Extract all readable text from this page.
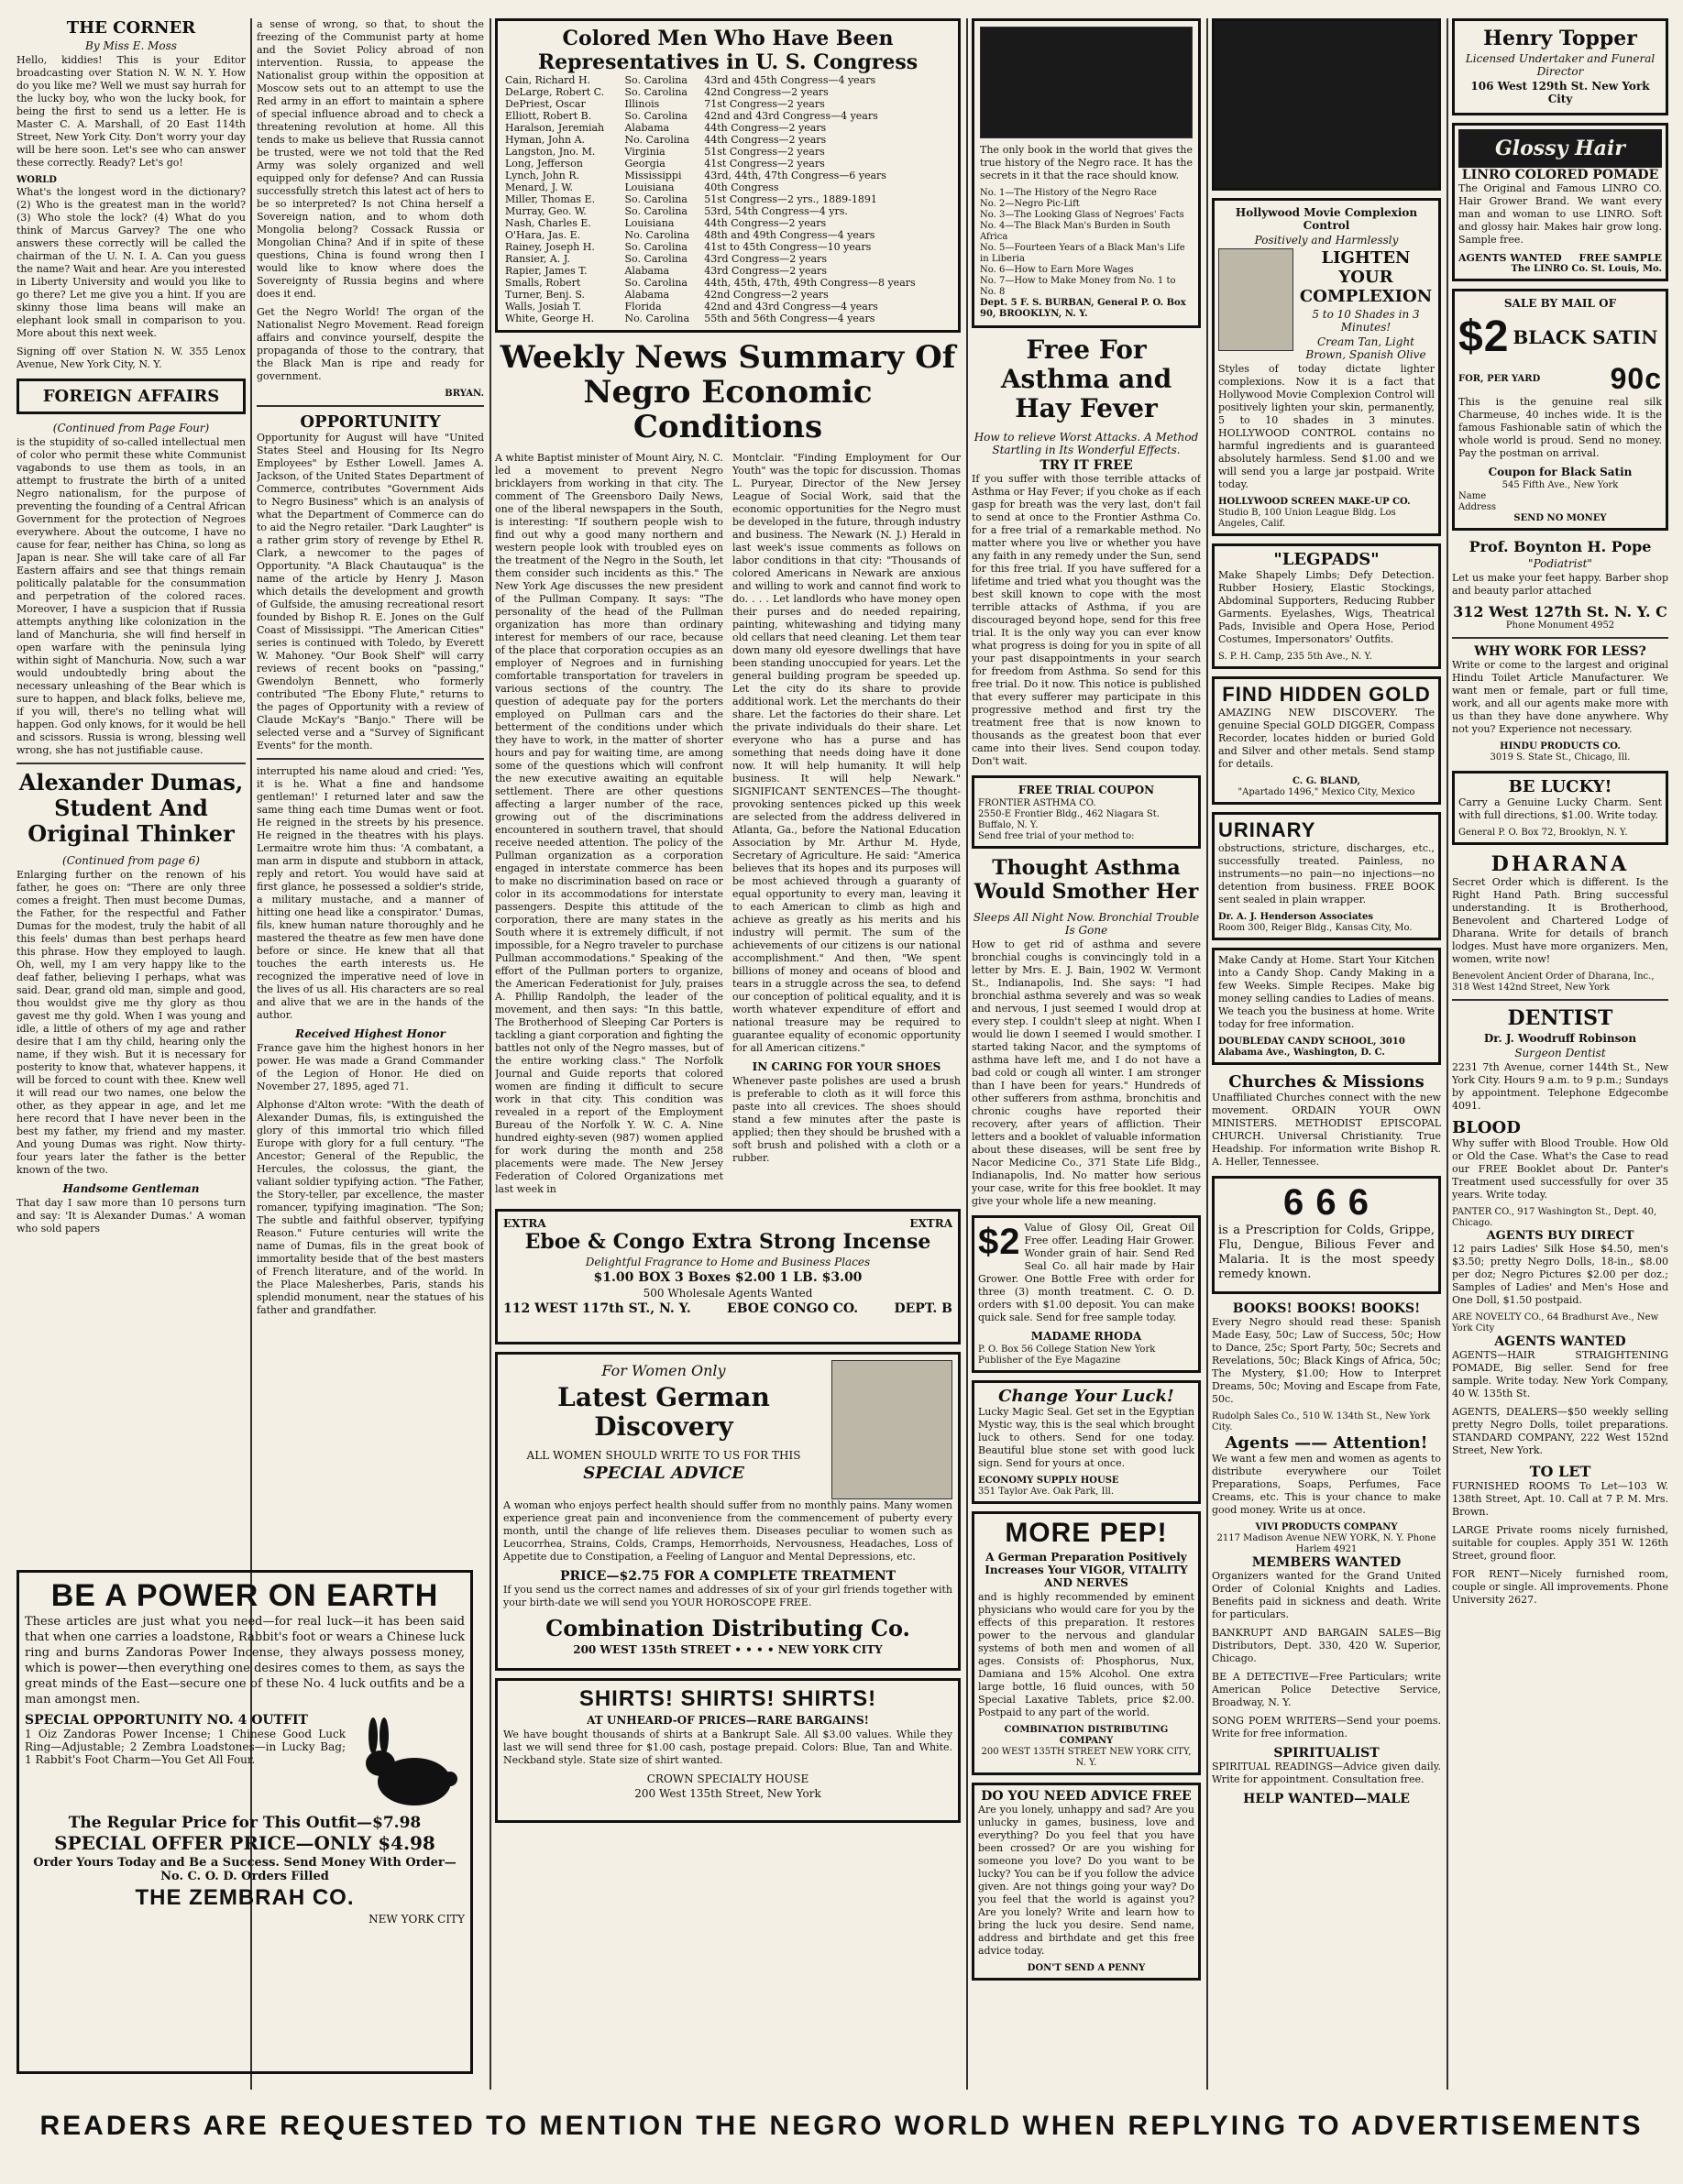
THE CORNER
By Miss E. Moss

Hello, kiddies! This is your Editor broadcasting over Station N. W. N. Y. How do you like me? Well we must say hurrah for the lucky boy, who won the lucky book, for being the first to send us a letter. He is Master C. A. Marshall, of 20 East 114th Street, New York City. Don't worry your day will be here soon. Let's see who can answer these correctly. Ready? Let's go!

WORLD

What's the longest word in the dictionary? (2) Who is the greatest man in the world? (3) Who stole the lock? (4) What do you think of Marcus Garvey? The one who answers these correctly will be called the chairman of the U. N. I. A. Can you guess the name? Wait and hear. Are you interested in Liberty University and would you like to go there? Let me give you a hint. If you are skinny those lima beans will make an elephant look small in comparison to you. More about this next week.

Signing off over Station N. W. 355 Lenox Avenue, New York City, N. Y.

FOREIGN AFFAIRS
(Continued from Page Four)

is the stupidity of so-called intellectual men of color who permit these white Communist vagabonds to use them as tools, in an attempt to frustrate the birth of a united Negro nationalism, for the purpose of preventing the founding of a Central African Government for the protection of Negroes everywhere. About the outcome, I have no cause for fear, neither has China, so long as Japan is near. She will take care of all Far Eastern affairs and see that things remain politically palatable for the consummation and perpetration of the colored races. Moreover, I have a suspicion that if Russia attempts anything like colonization in the land of Manchuria, she will find herself in open warfare with the peninsula lying within sight of Manchuria. Now, such a war would undoubtedly bring about the necessary unleashing of the Bear which is sure to happen, and black folks, believe me, if you will, there's no telling what will happen. God only knows, for it would be hell and scissors. Russia is wrong, blessing well wrong, she has not justifiable cause.

Alexander Dumas, Student And Original Thinker
(Continued from page 6)

Enlarging further on the renown of his father, he goes on: "There are only three comes a freight. Then must become Dumas, the Father, for the respectful and Father Dumas for the modest, truly the habit of all this feels' dumas than best perhaps heard this phrase. How they employed to laugh. Oh, well, my I am very happy like to the deaf father, believing I perhaps, what was said. Dear, grand old man, simple and good, thou wouldst give me thy glory as thou gavest me thy gold. When I was young and idle, a little of others of my age and rather desire that I am thy child, hearing only the name, if they wish. But it is necessary for posterity to know that, whatever happens, it will be forced to count with thee. Knew well it will read our two names, one below the other, as they appear in age, and let me here record that I have never been in the best my father, my friend and my master. And young Dumas was right. Now thirty-four years later the father is the better known of the two.

Handsome Gentleman

That day I saw more than 10 persons turn and say: 'It is Alexander Dumas.' A woman who sold papers

BE A POWER ON EARTH

These articles are just what you need—for real luck—it has been said that when one carries a loadstone, Rabbit's foot or wears a Chinese luck ring and burns Zandoras Power Incense, they always possess money, which is power—then everything one desires comes to them, as says the great minds of the East—secure one of these No. 4 luck outfits and be a man amongst men.

SPECIAL OPPORTUNITY NO. 4 OUTFIT

1 Oiz Zandoras Power Incense; 1 Chinese Good Luck Ring—Adjustable; 2 Zembra Loadstones—in Lucky Bag; 1 Rabbit's Foot Charm—You Get All Four.

The Regular Price for This Outfit—$7.98
SPECIAL OFFER PRICE—ONLY $4.98
Order Yours Today and Be a Success. Send Money With Order—No. C. O. D. Orders Filled
THE ZEMBRAH CO.
NEW YORK CITY

a sense of wrong, so that, to shout the freezing of the Communist party at home and the Soviet Policy abroad of non intervention. Russia, to appease the Nationalist group within the opposition at Moscow sets out to an attempt to use the Red army in an effort to maintain a sphere of special influence abroad and to check a threatening revolution at home. All this tends to make us believe that Russia cannot be trusted, were we not told that the Red Army was solely organized and well equipped only for defense? And can Russia successfully stretch this latest act of hers to be so interpreted? Is not China herself a Sovereign nation, and to whom doth Mongolia belong? Cossack Russia or Mongolian China? And if in spite of these questions, China is found wrong then I would like to know where does the Sovereignty of Russia begins and where does it end.

Get the Negro World! The organ of the Nationalist Negro Movement. Read foreign affairs and convince yourself, despite the propaganda of those to the contrary, that the Black Man is ripe and ready for government.

BRYAN.
OPPORTUNITY

Opportunity for August will have "United States Steel and Housing for Its Negro Employees" by Esther Lowell. James A. Jackson, of the United States Department of Commerce, contributes "Government Aids to Negro Business" which is an analysis of what the Department of Commerce can do to aid the Negro retailer. "Dark Laughter" is a rather grim story of revenge by Ethel R. Clark, a newcomer to the pages of Opportunity. "A Black Chautauqua" is the name of the article by Henry J. Mason which details the development and growth of Gulfside, the amusing recreational resort founded by Bishop R. E. Jones on the Gulf Coast of Mississippi. "The American Cities" series is continued with Toledo, by Everett W. Mahoney. "Our Book Shelf" will carry reviews of recent books on "passing," Gwendolyn Bennett, who formerly contributed "The Ebony Flute," returns to the pages of Opportunity with a review of Claude McKay's "Banjo." There will be selected verse and a "Survey of Significant Events" for the month.

interrupted his name aloud and cried: 'Yes, it is he. What a fine and handsome gentleman!' I returned later and saw the same thing each time Dumas went or foot. He reigned in the streets by his presence. He reigned in the theatres with his plays. Lermaitre wrote him thus: 'A combatant, a man arm in dispute and stubborn in attack, reply and retort. You would have said at first glance, he possessed a soldier's stride, a military mustache, and a manner of hitting one head like a conspirator.' Dumas, fils, knew human nature thoroughly and he mastered the theatre as few men have done before or since. He knew that all that touches the earth interests us. He recognized the imperative need of love in the lives of us all. His characters are so real and alive that we are in the hands of the author.

Received Highest Honor

France gave him the highest honors in her power. He was made a Grand Commander of the Legion of Honor. He died on November 27, 1895, aged 71.

Alphonse d'Alton wrote: "With the death of Alexander Dumas, fils, is extinguished the glory of this immortal trio which filled Europe with glory for a full century. "The Ancestor; General of the Republic, the Hercules, the colossus, the giant, the valiant soldier typifying action. "The Father, the Story-teller, par excellence, the master romancer, typifying imagination. "The Son; The subtle and faithful observer, typifying Reason." Future centuries will write the name of Dumas, fils in the great book of immortality beside that of the best masters of French literature, and of the world. In the Place Malesherbes, Paris, stands his splendid monument, near the statues of his father and grandfather.

Colored Men Who Have Been Representatives in U. S. Congress
Cain, Richard H.	So. Carolina	43rd and 45th Congress—4 years
DeLarge, Robert C.	So. Carolina	42nd Congress—2 years
DePriest, Oscar	Illinois	71st Congress—2 years
Elliott, Robert B.	So. Carolina	42nd and 43rd Congress—4 years
Haralson, Jeremiah	Alabama	44th Congress—2 years
Hyman, John A.	No. Carolina	44th Congress—2 years
Langston, Jno. M.	Virginia	51st Congress—2 years
Long, Jefferson	Georgia	41st Congress—2 years
Lynch, John R.	Mississippi	43rd, 44th, 47th Congress—6 years
Menard, J. W.	Louisiana	40th Congress
Miller, Thomas E.	So. Carolina	51st Congress—2 yrs., 1889-1891
Murray, Geo. W.	So. Carolina	53rd, 54th Congress—4 yrs.
Nash, Charles E.	Louisiana	44th Congress—2 years
O'Hara, Jas. E.	No. Carolina	48th and 49th Congress—4 years
Rainey, Joseph H.	So. Carolina	41st to 45th Congress—10 years
Ransier, A. J.	So. Carolina	43rd Congress—2 years
Rapier, James T.	Alabama	43rd Congress—2 years
Smalls, Robert	So. Carolina	44th, 45th, 47th, 49th Congress—8 years
Turner, Benj. S.	Alabama	42nd Congress—2 years
Walls, Josiah T.	Florida	42nd and 43rd Congress—4 years
White, George H.	No. Carolina	55th and 56th Congress—4 years
Weekly News Summary Of Negro Economic Conditions

A white Baptist minister of Mount Airy, N. C. led a movement to prevent Negro bricklayers from working in that city. The comment of The Greensboro Daily News, one of the liberal newspapers in the South, is interesting: "If southern people wish to find out why a good many northern and western people look with troubled eyes on the treatment of the Negro in the South, let them consider such incidents as this." The New York Age discusses the new president of the Pullman Company. It says: "The personality of the head of the Pullman organization has more than ordinary interest for members of our race, because of the place that corporation occupies as an employer of Negroes and in furnishing comfortable transportation for travelers in various sections of the country. The question of adequate pay for the porters employed on Pullman cars and the betterment of the conditions under which they have to work, in the matter of shorter hours and pay for waiting time, are among some of the questions which will confront the new executive awaiting an equitable settlement. There are other questions affecting a larger number of the race, growing out of the discriminations encountered in southern travel, that should receive needed attention. The policy of the Pullman organization as a corporation engaged in interstate commerce has been to make no discrimination based on race or color in its accommodations for interstate passengers. Despite this attitude of the corporation, there are many states in the South where it is extremely difficult, if not impossible, for a Negro traveler to purchase Pullman accommodations." Speaking of the effort of the Pullman porters to organize, the American Federationist for July, praises A. Phillip Randolph, the leader of the movement, and then says: "In this battle, The Brotherhood of Sleeping Car Porters is tackling a giant corporation and fighting the battles not only of the Negro masses, but of the entire working class." The Norfolk Journal and Guide reports that colored women are finding it difficult to secure work in that city. This condition was revealed in a report of the Employment Bureau of the Norfolk Y. W. C. A. Nine hundred eighty-seven (987) women applied for work during the month and 258 placements were made. The New Jersey Federation of Colored Organizations met last week in

Montclair. "Finding Employment for Our Youth" was the topic for discussion. Thomas L. Puryear, Director of the New Jersey League of Social Work, said that the economic opportunities for the Negro must be developed in the future, through industry and business. The Newark (N. J.) Herald in last week's issue comments as follows on labor conditions in that city: "Thousands of colored Americans in Newark are anxious and willing to work and cannot find work to do. . . . Let landlords who have money open their purses and do needed repairing, painting, whitewashing and tidying many old cellars that need cleaning. Let them tear down many old eyesore dwellings that have been standing unoccupied for years. Let the general building program be speeded up. Let the city do its share to provide additional work. Let the merchants do their share. Let the factories do their share. Let the private individuals do their share. Let everyone who has a purse and has something that needs doing have it done now. It will help humanity. It will help business. It will help Newark." SIGNIFICANT SENTENCES—The thought-provoking sentences picked up this week are selected from the address delivered in Atlanta, Ga., before the National Education Association by Mr. Arthur M. Hyde, Secretary of Agriculture. He said: "America believes that its hopes and its purposes will be most achieved through a guaranty of equal opportunity to every man, leaving it to each American to climb as high and achieve as greatly as his merits and his industry will permit. The sum of the achievements of our citizens is our national accomplishment." And then, "We spent billions of money and oceans of blood and tears in a struggle across the sea, to defend our conception of political equality, and it is worth whatever expenditure of effort and national treasure may be required to guarantee equality of economic opportunity for all American citizens."

IN CARING FOR YOUR SHOES

Whenever paste polishes are used a brush is preferable to cloth as it will force this paste into all crevices. The shoes should stand a few minutes after the paste is applied; then they should be brushed with a soft brush and polished with a cloth or a rubber.

EXTRA	EXTRA
Eboe & Congo Extra Strong Incense
Delightful Fragrance to Home and Business Places
$1.00 BOX 3 Boxes $2.00 1 LB. $3.00
500 Wholesale Agents Wanted
112 WEST 117th ST., N. Y.	EBOE CONGO CO.	DEPT. B
For Women Only
Latest German Discovery
ALL WOMEN SHOULD WRITE TO US FOR THIS
SPECIAL ADVICE

A woman who enjoys perfect health should suffer from no monthly pains. Many women experience great pain and inconvenience from the commencement of puberty every month, until the change of life relieves them. Diseases peculiar to women such as Leucorrhea, Strains, Colds, Cramps, Hemorrhoids, Nervousness, Headaches, Loss of Appetite due to Constipation, a Feeling of Languor and Mental Depressions, etc.

PRICE—$2.75 FOR A COMPLETE TREATMENT

If you send us the correct names and addresses of six of your girl friends together with your birth-date we will send you YOUR HOROSCOPE FREE.

Combination Distributing Co.
200 WEST 135th STREET • • • • NEW YORK CITY
SHIRTS! SHIRTS! SHIRTS!
AT UNHEARD-OF PRICES—RARE BARGAINS!

We have bought thousands of shirts at a Bankrupt Sale. All $3.00 values. While they last we will send three for $1.00 cash, postage prepaid. Colors: Blue, Tan and White. Neckband style. State size of shirt wanted.

CROWN SPECIALTY HOUSE
200 West 135th Street, New York

The only book in the world that gives the true history of the Negro race. It has the secrets in it that the race should know.

No. 1—The History of the Negro Race
No. 2—Negro Pic-Lift
No. 3—The Looking Glass of Negroes' Facts
No. 4—The Black Man's Burden in South Africa
No. 5—Fourteen Years of a Black Man's Life in Liberia
No. 6—How to Earn More Wages
No. 7—How to Make Money from No. 1 to No. 8
Dept. 5 F. S. BURBAN, General P. O. Box 90, BROOKLYN, N. Y.
Free For Asthma and Hay Fever
How to relieve Worst Attacks. A Method Startling in Its Wonderful Effects.
TRY IT FREE

If you suffer with those terrible attacks of Asthma or Hay Fever; if you choke as if each gasp for breath was the very last, don't fail to send at once to the Frontier Asthma Co. for a free trial of a remarkable method. No matter where you live or whether you have any faith in any remedy under the Sun, send for this free trial. If you have suffered for a lifetime and tried what you thought was the best skill known to cope with the most terrible attacks of Asthma, if you are discouraged beyond hope, send for this free trial. It is the only way you can ever know what progress is doing for you in spite of all your past disappointments in your search for freedom from Asthma. So send for this free trial. Do it now. This notice is published that every sufferer may participate in this progressive method and first try the treatment free that is now known to thousands as the greatest boon that ever came into their lives. Send coupon today. Don't wait.

FREE TRIAL COUPON
FRONTIER ASTHMA CO.
2550-E Frontier Bldg., 462 Niagara St. Buffalo, N. Y.
Send free trial of your method to:
Thought Asthma Would Smother Her
Sleeps All Night Now. Bronchial Trouble Is Gone

How to get rid of asthma and severe bronchial coughs is convincingly told in a letter by Mrs. E. J. Bain, 1902 W. Vermont St., Indianapolis, Ind. She says: "I had bronchial asthma severely and was so weak and nervous, I just seemed I would drop at every step. I couldn't sleep at night. When I would lie down I seemed I would smother. I started taking Nacor, and the symptoms of asthma have left me, and I do not have a bad cold or cough all winter. I am stronger than I have been for years." Hundreds of other sufferers from asthma, bronchitis and chronic coughs have reported their recovery, after years of affliction. Their letters and a booklet of valuable information about these diseases, will be sent free by Nacor Medicine Co., 371 State Life Bldg., Indianapolis, Ind. No matter how serious your case, write for this free booklet. It may give your whole life a new meaning.

$2 Value of Glosy Oil, Great Oil Free offer. Leading Hair Grower. Wonder grain of hair. Send Red Seal Co. all hair made by Hair Grower. One Bottle Free with order for three (3) month treatment. C. O. D. orders with $1.00 deposit. You can make quick sale. Send for free sample today.

MADAME RHODA
P. O. Box 56 College Station New York
Publisher of the Eye Magazine
Change Your Luck!

Lucky Magic Seal. Get set in the Egyptian Mystic way, this is the seal which brought luck to others. Send for one today. Beautiful blue stone set with good luck sign. Send for yours at once.

ECONOMY SUPPLY HOUSE
351 Taylor Ave. Oak Park, Ill.
MORE PEP!
A German Preparation Positively Increases Your VIGOR, VITALITY AND NERVES

and is highly recommended by eminent physicians who would care for you by the effects of this preparation. It restores power to the nervous and glandular systems of both men and women of all ages. Consists of: Phosphorus, Nux, Damiana and 15% Alcohol. One extra large bottle, 16 fluid ounces, with 50 Special Laxative Tablets, price $2.00. Postpaid to any part of the world.

COMBINATION DISTRIBUTING COMPANY
200 WEST 135TH STREET NEW YORK CITY, N. Y.
DO YOU NEED ADVICE FREE

Are you lonely, unhappy and sad? Are you unlucky in games, business, love and everything? Do you feel that you have been crossed? Or are you wishing for someone you love? Do you want to be lucky? You can be if you follow the advice given. Are not things going your way? Do you feel that the world is against you? Are you lonely? Write and learn how to bring the luck you desire. Send name, address and birthdate and get this free advice today.

DON'T SEND A PENNY
Hollywood Movie Complexion Control
Positively and Harmlessly
LIGHTEN YOUR COMPLEXION
5 to 10 Shades in 3 Minutes!
Cream Tan, Light Brown, Spanish Olive

Styles of today dictate lighter complexions. Now it is a fact that Hollywood Movie Complexion Control will positively lighten your skin, permanently, 5 to 10 shades in 3 minutes. HOLLYWOOD CONTROL contains no harmful ingredients and is guaranteed absolutely harmless. Send $1.00 and we will send you a large jar postpaid. Write today.

HOLLYWOOD SCREEN MAKE-UP CO.
Studio B, 100 Union League Bldg. Los Angeles, Calif.
"LEGPADS"

Make Shapely Limbs; Defy Detection. Rubber Hosiery, Elastic Stockings, Abdominal Supporters, Reducing Rubber Garments. Eyelashes, Wigs, Theatrical Pads, Invisible and Opera Hose, Period Costumes, Impersonators' Outfits.

S. P. H. Camp, 235 5th Ave., N. Y.
FIND HIDDEN GOLD

AMAZING NEW DISCOVERY. The genuine Special GOLD DIGGER, Compass Recorder, locates hidden or buried Gold and Silver and other metals. Send stamp for details.

C. G. BLAND,
"Apartado 1496," Mexico City, Mexico
URINARY

obstructions, stricture, discharges, etc., successfully treated. Painless, no instruments—no pain—no injections—no detention from business. FREE BOOK sent sealed in plain wrapper.

Dr. A. J. Henderson Associates
Room 300, Reiger Bldg., Kansas City, Mo.

Make Candy at Home. Start Your Kitchen into a Candy Shop. Candy Making in a few Weeks. Simple Recipes. Make big money selling candies to Ladies of means. We teach you the business at home. Write today for free information.

DOUBLEDAY CANDY SCHOOL, 3010 Alabama Ave., Washington, D. C.
Churches & Missions

Unaffiliated Churches connect with the new movement. ORDAIN YOUR OWN MINISTERS. METHODIST EPISCOPAL CHURCH. Universal Christianity. True Headship. For information write Bishop R. A. Heller, Tennessee.

6 6 6

is a Prescription for Colds, Grippe, Flu, Dengue, Bilious Fever and Malaria. It is the most speedy remedy known.

BOOKS! BOOKS! BOOKS!

Every Negro should read these: Spanish Made Easy, 50c; Law of Success, 50c; How to Dance, 25c; Sport Party, 50c; Secrets and Revelations, 50c; Black Kings of Africa, 50c; The Mystery, $1.00; How to Interpret Dreams, 50c; Moving and Escape from Fate, 50c.

Rudolph Sales Co., 510 W. 134th St., New York City.
Agents —— Attention!

We want a few men and women as agents to distribute everywhere our Toilet Preparations, Soaps, Perfumes, Face Creams, etc. This is your chance to make good money. Write us at once.

VIVI PRODUCTS COMPANY
2117 Madison Avenue NEW YORK, N. Y. Phone Harlem 4921
MEMBERS WANTED

Organizers wanted for the Grand United Order of Colonial Knights and Ladies. Benefits paid in sickness and death. Write for particulars.

BANKRUPT AND BARGAIN SALES—Big Distributors, Dept. 330, 420 W. Superior, Chicago.

BE A DETECTIVE—Free Particulars; write American Police Detective Service, Broadway, N. Y.

SONG POEM WRITERS—Send your poems. Write for free information.

SPIRITUALIST

SPIRITUAL READINGS—Advice given daily. Write for appointment. Consultation free.

HELP WANTED—MALE
Henry Topper
Licensed Undertaker and Funeral Director
106 West 129th St. New York City
Glossy Hair
LINRO COLORED POMADE

The Original and Famous LINRO CO. Hair Grower Brand. We want every man and woman to use LINRO. Soft and glossy hair. Makes hair grow long. Sample free.

AGENTS WANTED FREE SAMPLE
The LINRO Co. St. Louis, Mo.
SALE BY MAIL OF
$2 BLACK SATIN
FOR, PER YARD 90c

This is the genuine real silk Charmeuse, 40 inches wide. It is the famous Fashionable satin of which the whole world is proud. Send no money. Pay the postman on arrival.

Coupon for Black Satin
545 Fifth Ave., New York
Name
Address
SEND NO MONEY
Prof. Boynton H. Pope
"Podiatrist"

Let us make your feet happy. Barber shop and beauty parlor attached

312 West 127th St. N. Y. C
Phone Monument 4952
WHY WORK FOR LESS?

Write or come to the largest and original Hindu Toilet Article Manufacturer. We want men or female, part or full time, work, and all our agents make more with us than they have done anywhere. Why not you? Experience not necessary.

HINDU PRODUCTS CO.
3019 S. State St., Chicago, Ill.
BE LUCKY!

Carry a Genuine Lucky Charm. Sent with full directions, $1.00. Write today.

General P. O. Box 72, Brooklyn, N. Y.
DHARANA

Secret Order which is different. Is the Right Hand Path. Bring successful understanding. It is Brotherhood, Benevolent and Chartered Lodge of Dharana. Write for details of branch lodges. Must have more organizers. Men, women, write now!

Benevolent Ancient Order of Dharana, Inc., 318 West 142nd Street, New York
DENTIST
Dr. J. Woodruff Robinson
Surgeon Dentist

2231 7th Avenue, corner 144th St., New York City. Hours 9 a.m. to 9 p.m.; Sundays by appointment. Telephone Edgecombe 4091.

BLOOD

Why suffer with Blood Trouble. How Old or Old the Case. What's the Case to read our FREE Booklet about Dr. Panter's Treatment used successfully for over 35 years. Write today.

PANTER CO., 917 Washington St., Dept. 40, Chicago.
AGENTS BUY DIRECT

12 pairs Ladies' Silk Hose $4.50, men's $3.50; pretty Negro Dolls, 18-in., $8.00 per doz; Negro Pictures $2.00 per doz.; Samples of Ladies' and Men's Hose and One Doll, $1.50 postpaid.

ARE NOVELTY CO., 64 Bradhurst Ave., New York City
AGENTS WANTED

AGENTS—HAIR STRAIGHTENING POMADE, Big seller. Send for free sample. Write today. New York Company, 40 W. 135th St.

AGENTS, DEALERS—$50 weekly selling pretty Negro Dolls, toilet preparations. STANDARD COMPANY, 222 West 152nd Street, New York.

TO LET

FURNISHED ROOMS To Let—103 W. 138th Street, Apt. 10. Call at 7 P. M. Mrs. Brown.

LARGE Private rooms nicely furnished, suitable for couples. Apply 351 W. 126th Street, ground floor.

FOR RENT—Nicely furnished room, couple or single. All improvements. Phone University 2627.

READERS ARE REQUESTED TO MENTION THE NEGRO WORLD WHEN REPLYING TO ADVERTISEMENTS
